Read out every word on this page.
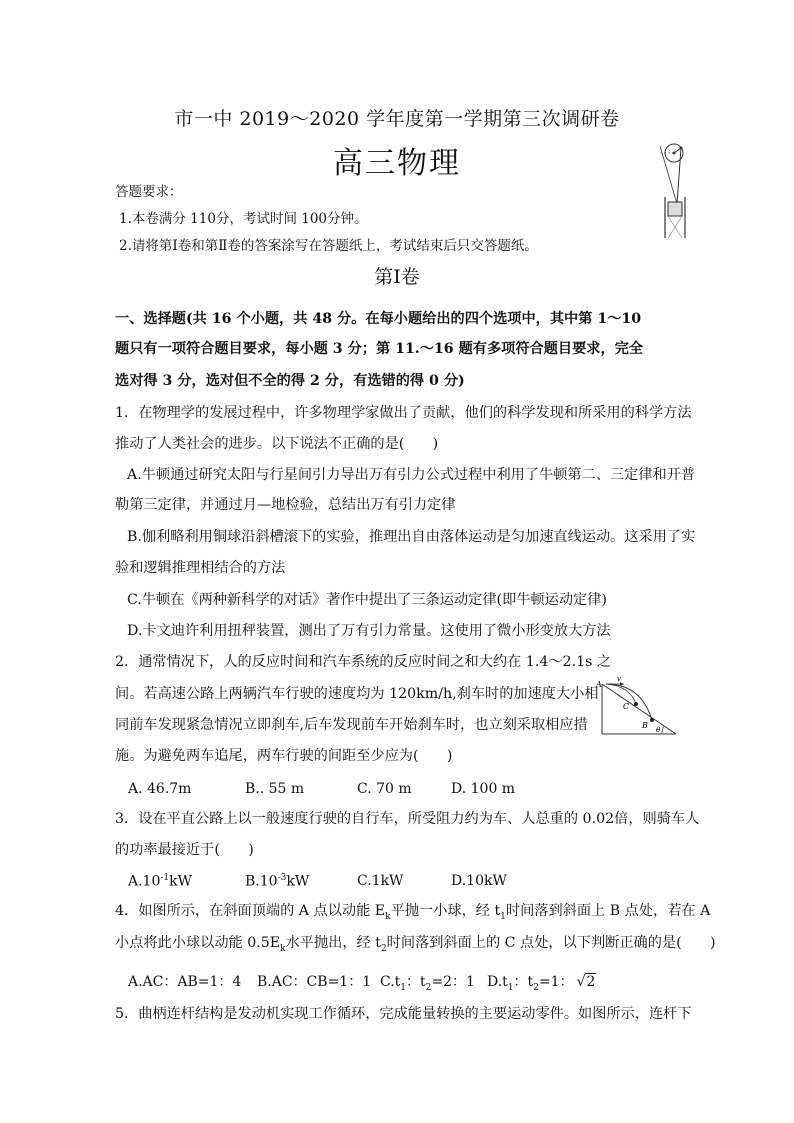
市一中 2019～2020 学年度第一学期第三次调研卷
高三物理
答题要求：
1.本卷满分 110分，考试时间 100分钟。
2.请将第Ⅰ卷和第Ⅱ卷的答案涂写在答题纸上，考试结束后只交答题纸。
第Ⅰ卷
一、选择题(共 16 个小题，共 48 分。在每小题给出的四个选项中，其中第 1～10
题只有一项符合题目要求，每小题 3 分；第 11.～16 题有多项符合题目要求，完全
选对得 3 分，选对但不全的得 2 分，有选错的得 0 分)
1．在物理学的发展过程中，许多物理学家做出了贡献，他们的科学发现和所采用的科学方法
推动了人类社会的进步。以下说法不正确的是(　　)
A.牛顿通过研究太阳与行星间引力导出万有引力公式过程中利用了牛顿第二、三定律和开普
勒第三定律，并通过月—地检验，总结出万有引力定律
B.伽利略利用铜球沿斜槽滚下的实验，推理出自由落体运动是匀加速直线运动。这采用了实
验和逻辑推理相结合的方法
C.牛顿在《两种新科学的对话》著作中提出了三条运动定律(即牛顿运动定律)
D.卡文迪许利用扭秤装置，测出了万有引力常量。这使用了微小形变放大方法
2．通常情况下，人的反应时间和汽车系统的反应时间之和大约在 1.4～2.1s 之
间。若高速公路上两辆汽车行驶的速度均为 120km/h,刹车时的加速度大小相
同前车发现紧急情况立即刹车,后车发现前车开始刹车时，也立刻采取相应措
施。为避免两车追尾，两车行驶的间距至少应为(　　)
A
v
C
B θ
A. 46.7m	B.. 55 m	C. 70 m	D. 100 m
3．设在平直公路上以一般速度行驶的自行车，所受阻力约为车、人总重的 0.02倍，则骑车人
的功率最接近于(　　)
$A.10^{-1}kW$	$B.10^{-3}kW$	C.1kW	D.10kW
4．如图所示，在斜面顶端的 A 点以动能 $E_k$平抛一小球，经 $t_1$时间落到斜面上 B 点处，若在 A
小点将此小球以动能 $0.5E_k$水平抛出，经 $t_2$时间落到斜面上的 C 点处，以下判断正确的是(　　)
A.AC：AB=1：4 B.AC：CB=1：1 $C.t_1$：$t_2=2$：1 $D.t_1$：$t_2=1$： √2
5．曲柄连杆结构是发动机实现工作循环，完成能量转换的主要运动零件。如图所示，连杆下
